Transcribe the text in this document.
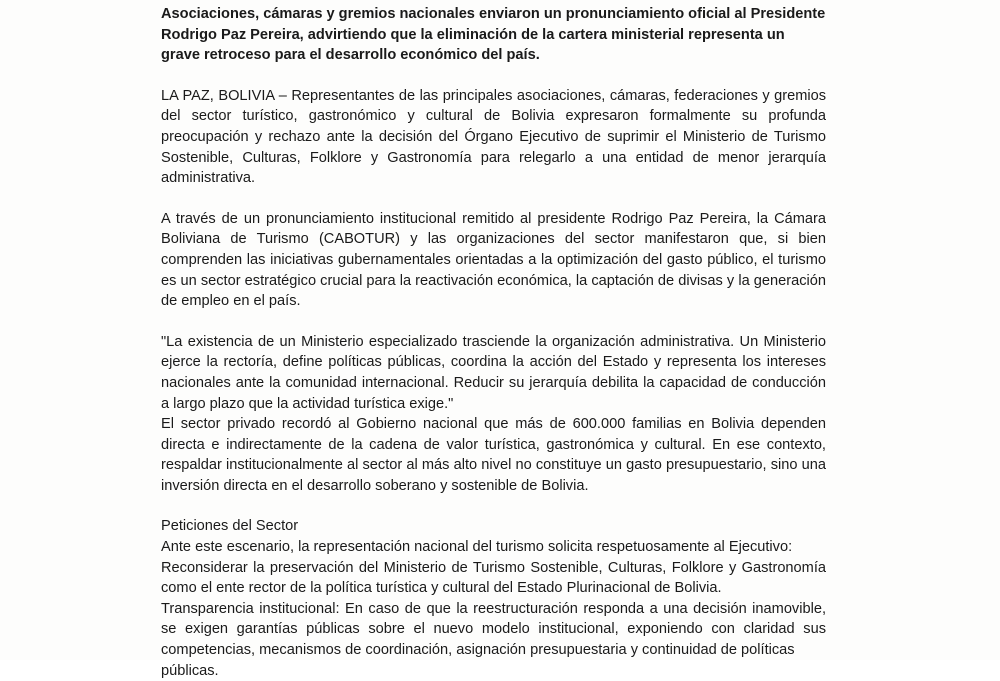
Asociaciones, cámaras y gremios nacionales enviaron un pronunciamiento oficial al Presidente Rodrigo Paz Pereira, advirtiendo que la eliminación de la cartera ministerial representa un grave retroceso para el desarrollo económico del país.

LA PAZ, BOLIVIA – Representantes de las principales asociaciones, cámaras, federaciones y gremios del sector turístico, gastronómico y cultural de Bolivia expresaron formalmente su profunda preocupación y rechazo ante la decisión del Órgano Ejecutivo de suprimir el Ministerio de Turismo Sostenible, Culturas, Folklore y Gastronomía para relegarlo a una entidad de menor jerarquía administrativa.

A través de un pronunciamiento institucional remitido al presidente Rodrigo Paz Pereira, la Cámara Boliviana de Turismo (CABOTUR) y las organizaciones del sector manifestaron que, si bien comprenden las iniciativas gubernamentales orientadas a la optimización del gasto público, el turismo es un sector estratégico crucial para la reactivación económica, la captación de divisas y la generación de empleo en el país.

"La existencia de un Ministerio especializado trasciende la organización administrativa. Un Ministerio ejerce la rectoría, define políticas públicas, coordina la acción del Estado y representa los intereses nacionales ante la comunidad internacional. Reducir su jerarquía debilita la capacidad de conducción a largo plazo que la actividad turística exige."

El sector privado recordó al Gobierno nacional que más de 600.000 familias en Bolivia dependen directa e indirectamente de la cadena de valor turística, gastronómica y cultural. En ese contexto, respaldar institucionalmente al sector al más alto nivel no constituye un gasto presupuestario, sino una inversión directa en el desarrollo soberano y sostenible de Bolivia.

Peticiones del Sector

Ante este escenario, la representación nacional del turismo solicita respetuosamente al Ejecutivo:

Reconsiderar la preservación del Ministerio de Turismo Sostenible, Culturas, Folklore y Gastronomía como el ente rector de la política turística y cultural del Estado Plurinacional de Bolivia.

Transparencia institucional: En caso de que la reestructuración responda a una decisión inamovible, se exigen garantías públicas sobre el nuevo modelo institucional, exponiendo con claridad sus competencias, mecanismos de coordinación, asignación presupuestaria y continuidad de políticas

públicas.
